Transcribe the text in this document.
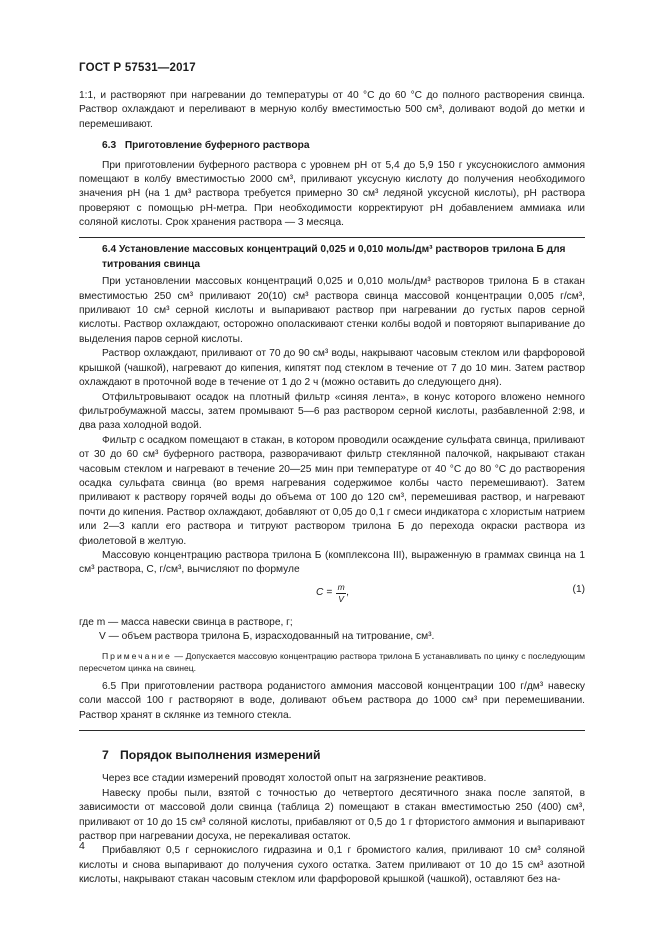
ГОСТ Р 57531—2017

1:1, и растворяют при нагревании до температуры от 40 °С до 60 °С до полного растворения свинца. Раствор охлаждают и переливают в мерную колбу вместимостью 500 см³, доливают водой до метки и перемешивают.

6.3 Приготовление буферного раствора

При приготовлении буферного раствора с уровнем рН от 5,4 до 5,9 150 г уксуснокислого аммония помещают в колбу вместимостью 2000 см³, приливают уксусную кислоту до получения необходимого значения рН (на 1 дм³ раствора требуется примерно 30 см³ ледяной уксусной кислоты), рН раствора проверяют с помощью рН-метра. При необходимости корректируют рН добавлением аммиака или соляной кислоты. Срок хранения раствора — 3 месяца.

6.4 Установление массовых концентраций 0,025 и 0,010 моль/дм³ растворов трилона Б для титрования свинца

При установлении массовых концентраций 0,025 и 0,010 моль/дм³ растворов трилона Б в стакан вместимостью 250 см³ приливают 20(10) см³ раствора свинца массовой концентрации 0,005 г/см³, приливают 10 см³ серной кислоты и выпаривают раствор при нагревании до густых паров серной кислоты. Раствор охлаждают, осторожно ополаскивают стенки колбы водой и повторяют выпаривание до выделения паров серной кислоты.

Раствор охлаждают, приливают от 70 до 90 см³ воды, накрывают часовым стеклом или фарфоровой крышкой (чашкой), нагревают до кипения, кипятят под стеклом в течение от 7 до 10 мин. Затем раствор охлаждают в проточной воде в течение от 1 до 2 ч (можно оставить до следующего дня).

Отфильтровывают осадок на плотный фильтр «синяя лента», в конус которого вложено немного фильтробумажной массы, затем промывают 5—6 раз раствором серной кислоты, разбавленной 2:98, и два раза холодной водой.

Фильтр с осадком помещают в стакан, в котором проводили осаждение сульфата свинца, приливают от 30 до 60 см³ буферного раствора, разворачивают фильтр стеклянной палочкой, накрывают стакан часовым стеклом и нагревают в течение 20—25 мин при температуре от 40 °С до 80 °С до растворения осадка сульфата свинца (во время нагревания содержимое колбы часто перемешивают). Затем приливают к раствору горячей воды до объема от 100 до 120 см³, перемешивая раствор, и нагревают почти до кипения. Раствор охлаждают, добавляют от 0,05 до 0,1 г смеси индикатора с хлористым натрием или 2—3 капли его раствора и титруют раствором трилона Б до перехода окраски раствора из фиолетовой в желтую.

Массовую концентрацию раствора трилона Б (комплексона III), выраженную в граммах свинца на 1 см³ раствора, C, г/см³, вычисляют по формуле

$C = \frac{m}{V}$ ,	(1)

где m — масса навески свинца в растворе, г;

V — объем раствора трилона Б, израсходованный на титрование, см³.

Примечание — Допускается массовую концентрацию раствора трилона Б устанавливать по цинку с последующим пересчетом цинка на свинец.

6.5 При приготовлении раствора роданистого аммония массовой концентрации 100 г/дм³ навеску соли массой 100 г растворяют в воде, доливают объем раствора до 1000 см³ при перемешивании. Раствор хранят в склянке из темного стекла.

7 Порядок выполнения измерений

Через все стадии измерений проводят холостой опыт на загрязнение реактивов.

Навеску пробы пыли, взятой с точностью до четвертого десятичного знака после запятой, в зависимости от массовой доли свинца (таблица 2) помещают в стакан вместимостью 250 (400) см³, приливают от 10 до 15 см³ соляной кислоты, прибавляют от 0,5 до 1 г фтористого аммония и выпаривают раствор при нагревании досуха, не перекаливая остаток.

Прибавляют 0,5 г сернокислого гидразина и 0,1 г бромистого калия, приливают 10 см³ соляной кислоты и снова выпаривают до получения сухого остатка. Затем приливают от 10 до 15 см³ азотной кислоты, накрывают стакан часовым стеклом или фарфоровой крышкой (чашкой), оставляют без на-

4
